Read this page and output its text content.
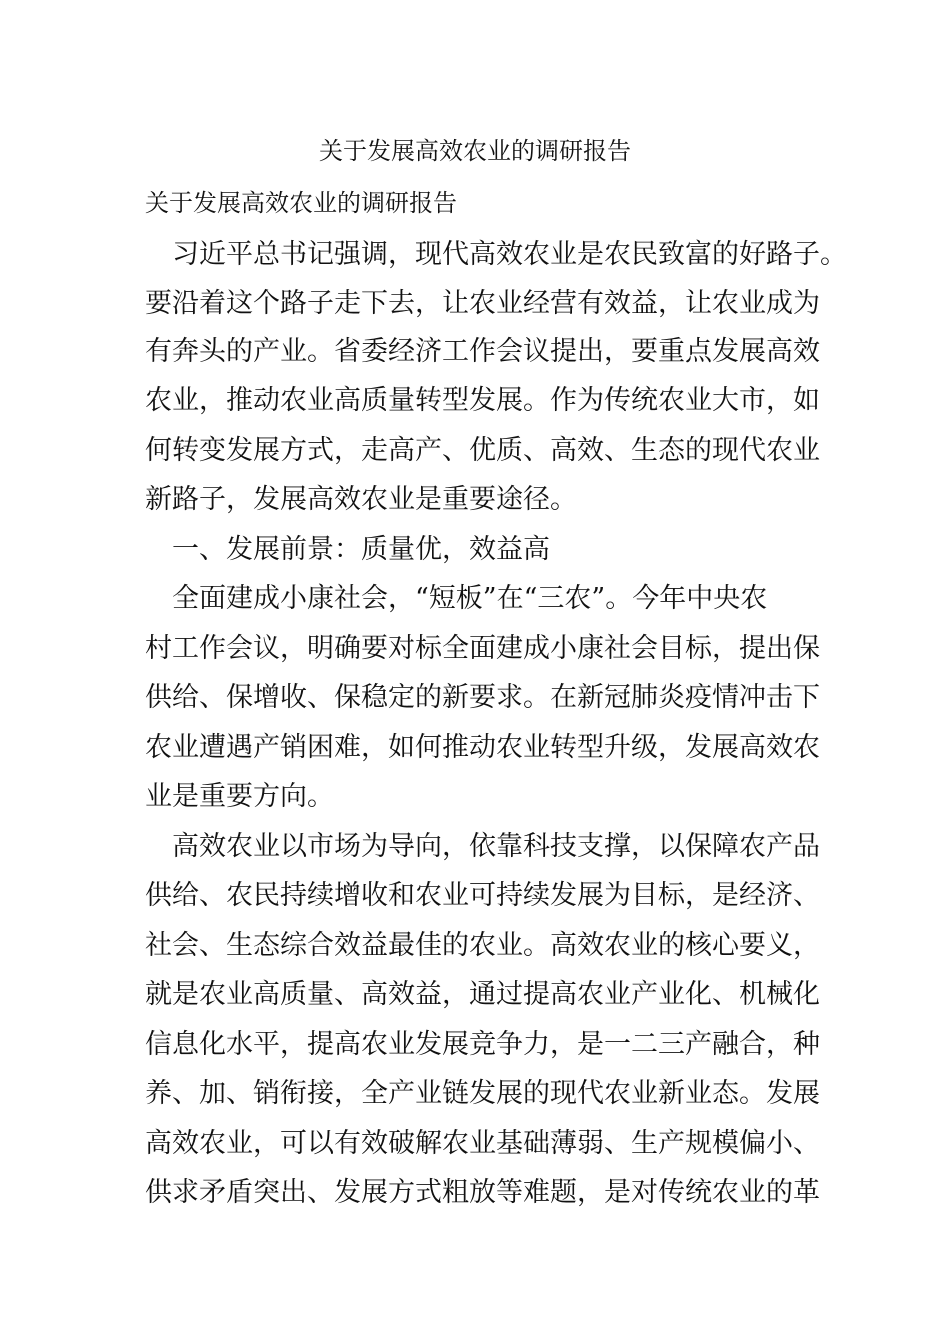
关于发展高效农业的调研报告

关于发展高效农业的调研报告

　习近平总书记强调，现代高效农业是农民致富的好路子。

要沿着这个路子走下去，让农业经营有效益，让农业成为

有奔头的产业。省委经济工作会议提出，要重点发展高效

农业，推动农业高质量转型发展。作为传统农业大市，如

何转变发展方式，走高产、优质、高效、生态的现代农业

新路子，发展高效农业是重要途径。

　一、发展前景：质量优，效益高

　全面建成小康社会，“短板”在“三农”。今年中央农

村工作会议，明确要对标全面建成小康社会目标，提出保

供给、保增收、保稳定的新要求。在新冠肺炎疫情冲击下

农业遭遇产销困难，如何推动农业转型升级，发展高效农

业是重要方向。

　高效农业以市场为导向，依靠科技支撑，以保障农产品

供给、农民持续增收和农业可持续发展为目标，是经济、

社会、生态综合效益最佳的农业。高效农业的核心要义，

就是农业高质量、高效益，通过提高农业产业化、机械化

信息化水平，提高农业发展竞争力，是一二三产融合，种

养、加、销衔接，全产业链发展的现代农业新业态。发展

高效农业，可以有效破解农业基础薄弱、生产规模偏小、

供求矛盾突出、发展方式粗放等难题，是对传统农业的革
